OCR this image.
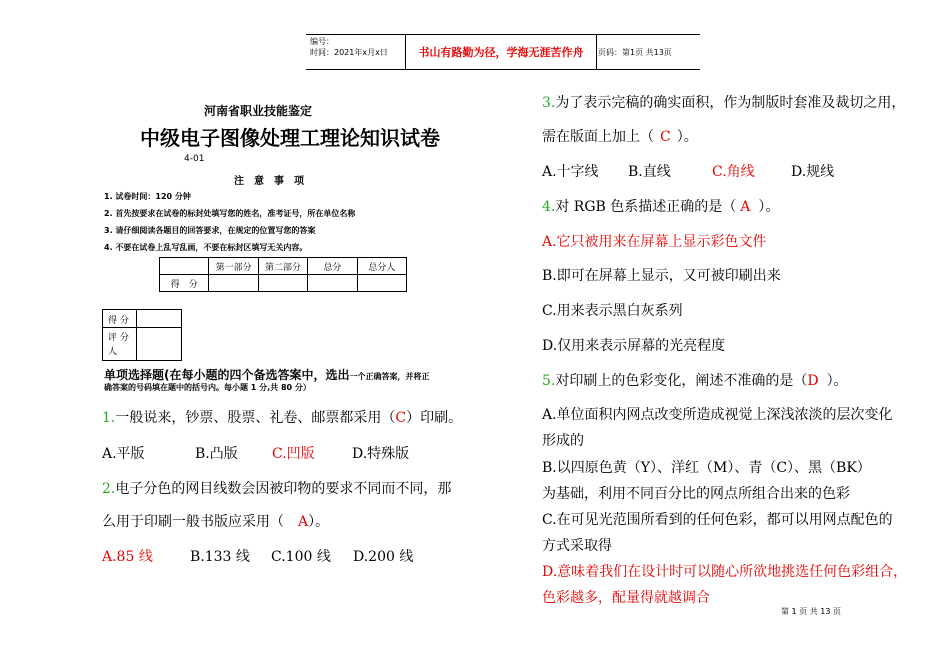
编号：
时间：2021年x月x日	书山有路勤为径，学海无涯苦作舟	页码：第1页 共13页
河南省职业技能鉴定
中级电子图像处理工理论知识试卷
4-01
注　意　事　项
1. 试卷时间：120 分钟
2. 首先按要求在试卷的标封处填写您的姓名，准考证号，所在单位名称
3. 请仔细阅读各题目的回答要求，在规定的位置写您的答案
4. 不要在试卷上乱写乱画，不要在标封区填写无关内容。
	第一部分	第二部分	总分	总分人
得　分				
得 分
评 分 人
单项选择题(在每小题的四个备选答案中，选出一个正确答案，并将正
确答案的号码填在题中的括号内。每小题 1 分,共 80 分）
1.一般说来，钞票、股票、礼卷、邮票都采用（C）印刷。
A.平版	B.凸版 C.凹版	D.特殊版
2.电子分色的网目线数会因被印物的要求不同而不同，那
么用于印刷一般书版应采用（ A）。
A.85 线	B.133 线 C.100 线 D.200 线
3.为了表示完稿的确实面积，作为制版时套准及裁切之用，
需在版面上加上（ C ）。
A.十字线 B.直线	C.角线	D.规线
4.对 RGB 色系描述正确的是（ A ）。
A.它只被用来在屏幕上显示彩色文件
B.即可在屏幕上显示，又可被印刷出来
C.用来表示黑白灰系列
D.仅用来表示屏幕的光亮程度
5.对印刷上的色彩变化，阐述不准确的是（D ）。
A.单位面积内网点改变所造成视觉上深浅浓淡的层次变化
形成的
B.以四原色黄（Y）、洋红（M）、青（C）、黑（BK）
为基础，利用不同百分比的网点所组合出来的色彩
C.在可见光范围所看到的任何色彩，都可以用网点配色的
方式采取得
D.意味着我们在设计时可以随心所欲地挑选任何色彩组合，
色彩越多，配量得就越调合
第 1 页 共 13 页
